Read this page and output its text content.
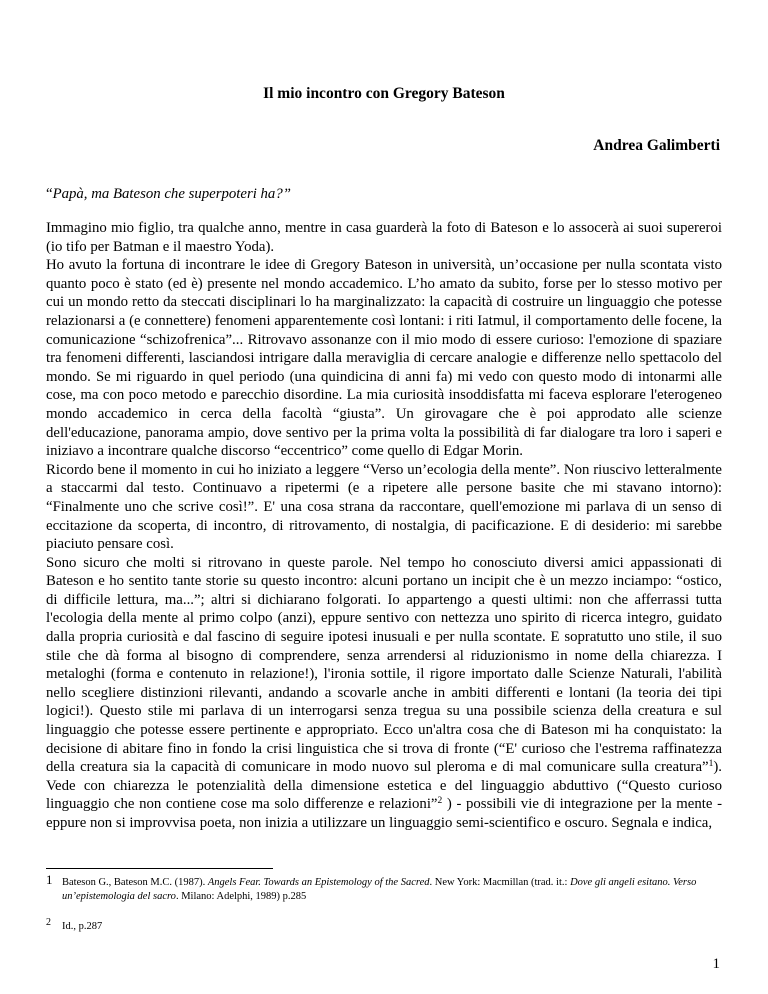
Il mio incontro con Gregory Bateson
Andrea Galimberti
“Papà, ma Bateson che superpoteri ha?”

Immagino mio figlio, tra qualche anno, mentre in casa guarderà la foto di Bateson e lo assocerà ai suoi supereroi (io tifo per Batman e il maestro Yoda).

Ho avuto la fortuna di incontrare le idee di Gregory Bateson in università, un’occasione per nulla scontata visto quanto poco è stato (ed è) presente nel mondo accademico. L’ho amato da subito, forse per lo stesso motivo per cui un mondo retto da steccati disciplinari lo ha marginalizzato: la capacità di costruire un linguaggio che potesse relazionarsi a (e connettere) fenomeni apparentemente così lontani: i riti Iatmul, il comportamento delle focene, la comunicazione “schizofrenica”... Ritrovavo assonanze con il mio modo di essere curioso: l'emozione di spaziare tra fenomeni differenti, lasciandosi intrigare dalla meraviglia di cercare analogie e differenze nello spettacolo del mondo. Se mi riguardo in quel periodo (una quindicina di anni fa) mi vedo con questo modo di intonarmi alle cose, ma con poco metodo e parecchio disordine. La mia curiosità insoddisfatta mi faceva esplorare l'eterogeneo mondo accademico in cerca della facoltà “giusta”. Un girovagare che è poi approdato alle scienze dell'educazione, panorama ampio, dove sentivo per la prima volta la possibilità di far dialogare tra loro i saperi e iniziavo a incontrare qualche discorso “eccentrico” come quello di Edgar Morin.

Ricordo bene il momento in cui ho iniziato a leggere “Verso un’ecologia della mente”. Non riuscivo letteralmente a staccarmi dal testo. Continuavo a ripetermi (e a ripetere alle persone basite che mi stavano intorno): “Finalmente uno che scrive così!”. E' una cosa strana da raccontare, quell'emozione mi parlava di un senso di eccitazione da scoperta, di incontro, di ritrovamento, di nostalgia, di pacificazione. E di desiderio: mi sarebbe piaciuto pensare così.

Sono sicuro che molti si ritrovano in queste parole. Nel tempo ho conosciuto diversi amici appassionati di Bateson e ho sentito tante storie su questo incontro: alcuni portano un incipit che è un mezzo inciampo: “ostico, di difficile lettura, ma...”; altri si dichiarano folgorati. Io appartengo a questi ultimi: non che afferrassi tutta l'ecologia della mente al primo colpo (anzi), eppure sentivo con nettezza uno spirito di ricerca integro, guidato dalla propria curiosità e dal fascino di seguire ipotesi inusuali e per nulla scontate. E sopratutto uno stile, il suo stile che dà forma al bisogno di comprendere, senza arrendersi al riduzionismo in nome della chiarezza. I metaloghi (forma e contenuto in relazione!), l'ironia sottile, il rigore importato dalle Scienze Naturali, l'abilità nello scegliere distinzioni rilevanti, andando a scovarle anche in ambiti differenti e lontani (la teoria dei tipi logici!). Questo stile mi parlava di un interrogarsi senza tregua su una possibile scienza della creatura e sul linguaggio che potesse essere pertinente e appropriato. Ecco un'altra cosa che di Bateson mi ha conquistato: la decisione di abitare fino in fondo la crisi linguistica che si trova di fronte (“E' curioso che l'estrema raffinatezza della creatura sia la capacità di comunicare in modo nuovo sul pleroma e di mal comunicare sulla creatura”$^1$). Vede con chiarezza le potenzialità della dimensione estetica e del linguaggio abduttivo (“Questo curioso linguaggio che non contiene cose ma solo differenze e relazioni”$^2$ ) - possibili vie di integrazione per la mente - eppure non si improvvisa poeta, non inizia a utilizzare un linguaggio semi-scientifico e oscuro. Segnala e indica,

1 Bateson G., Bateson M.C. (1987). Angels Fear. Towards an Epistemology of the Sacred. New York: Macmillan (trad. it.: Dove gli angeli esitano. Verso un’epistemologia del sacro. Milano: Adelphi, 1989) p.285
2 Id., p.287
1
